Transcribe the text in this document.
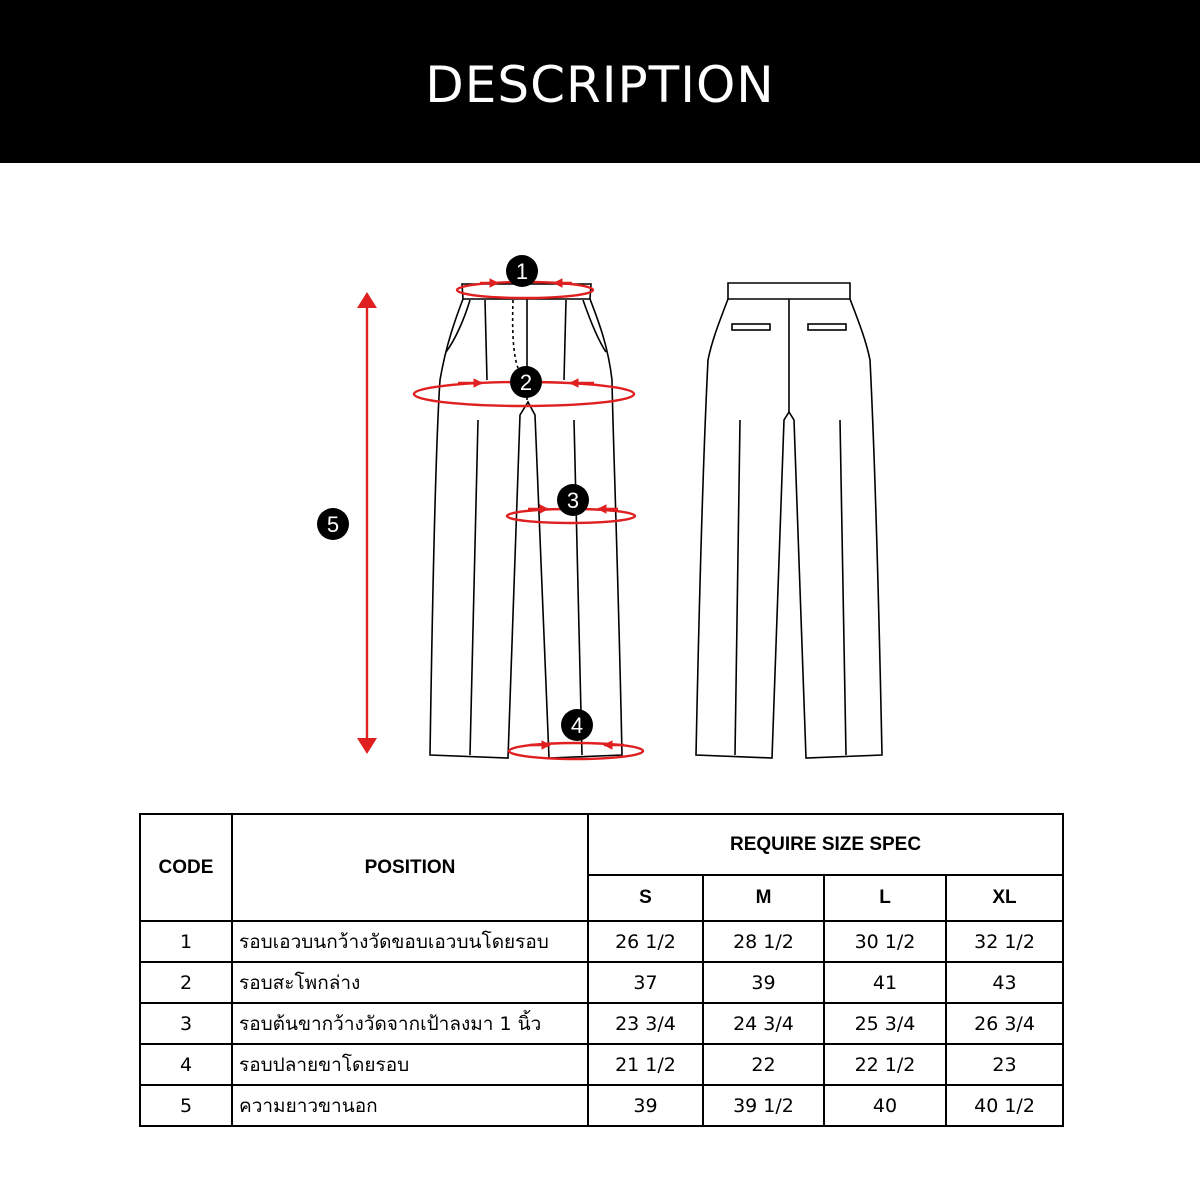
DESCRIPTION
1
2
3
4
5
CODE	POSITION	REQUIRE SIZE SPEC			
		S	M	L	XL
1	รอบเอวบนกว้างวัดขอบเอวบนโดยรอบ	26 1/2	28 1/2	30 1/2	32 1/2
2	รอบสะโพกล่าง	37	39	41	43
3	รอบต้นขากว้างวัดจากเป้าลงมา 1 นิ้ว	23 3/4	24 3/4	25 3/4	26 3/4
4	รอบปลายขาโดยรอบ	21 1/2	22	22 1/2	23
5	ความยาวขานอก	39	39 1/2	40	40 1/2
